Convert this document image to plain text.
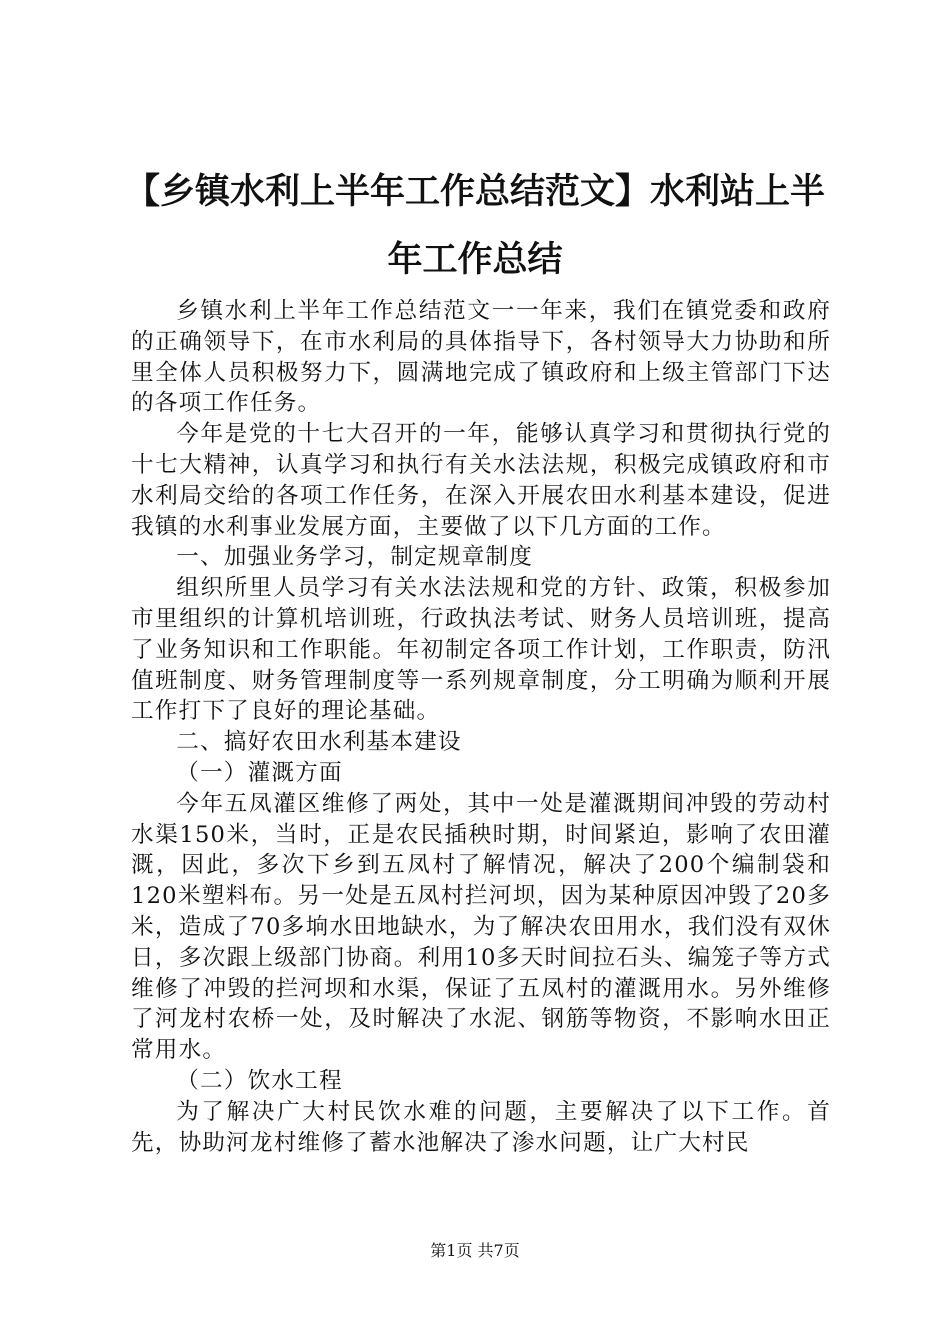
【乡镇水利上半年工作总结范文】水利站上半年工作总结

乡镇水利上半年工作总结范文一一年来，我们在镇党委和政府的正确领导下，在市水利局的具体指导下，各村领导大力协助和所里全体人员积极努力下，圆满地完成了镇政府和上级主管部门下达的各项工作任务。

今年是党的十七大召开的一年，能够认真学习和贯彻执行党的十七大精神，认真学习和执行有关水法法规，积极完成镇政府和市水利局交给的各项工作任务，在深入开展农田水利基本建设，促进我镇的水利事业发展方面，主要做了以下几方面的工作。

一、加强业务学习，制定规章制度

组织所里人员学习有关水法法规和党的方针、政策，积极参加市里组织的计算机培训班，行政执法考试、财务人员培训班，提高了业务知识和工作职能。年初制定各项工作计划，工作职责，防汛值班制度、财务管理制度等一系列规章制度，分工明确为顺利开展工作打下了良好的理论基础。

二、搞好农田水利基本建设

（一）灌溉方面

今年五凤灌区维修了两处，其中一处是灌溉期间冲毁的劳动村水渠150米，当时，正是农民插秧时期，时间紧迫，影响了农田灌溉，因此，多次下乡到五凤村了解情况，解决了200个编制袋和120米塑料布。另一处是五凤村拦河坝，因为某种原因冲毁了20多米，造成了70多垧水田地缺水，为了解决农田用水，我们没有双休日，多次跟上级部门协商。利用10多天时间拉石头、编笼子等方式维修了冲毁的拦河坝和水渠，保证了五凤村的灌溉用水。另外维修了河龙村农桥一处，及时解决了水泥、钢筋等物资，不影响水田正常用水。

（二）饮水工程

为了解决广大村民饮水难的问题，主要解决了以下工作。首先，协助河龙村维修了蓄水池解决了渗水问题，让广大村民

第1页 共7页
